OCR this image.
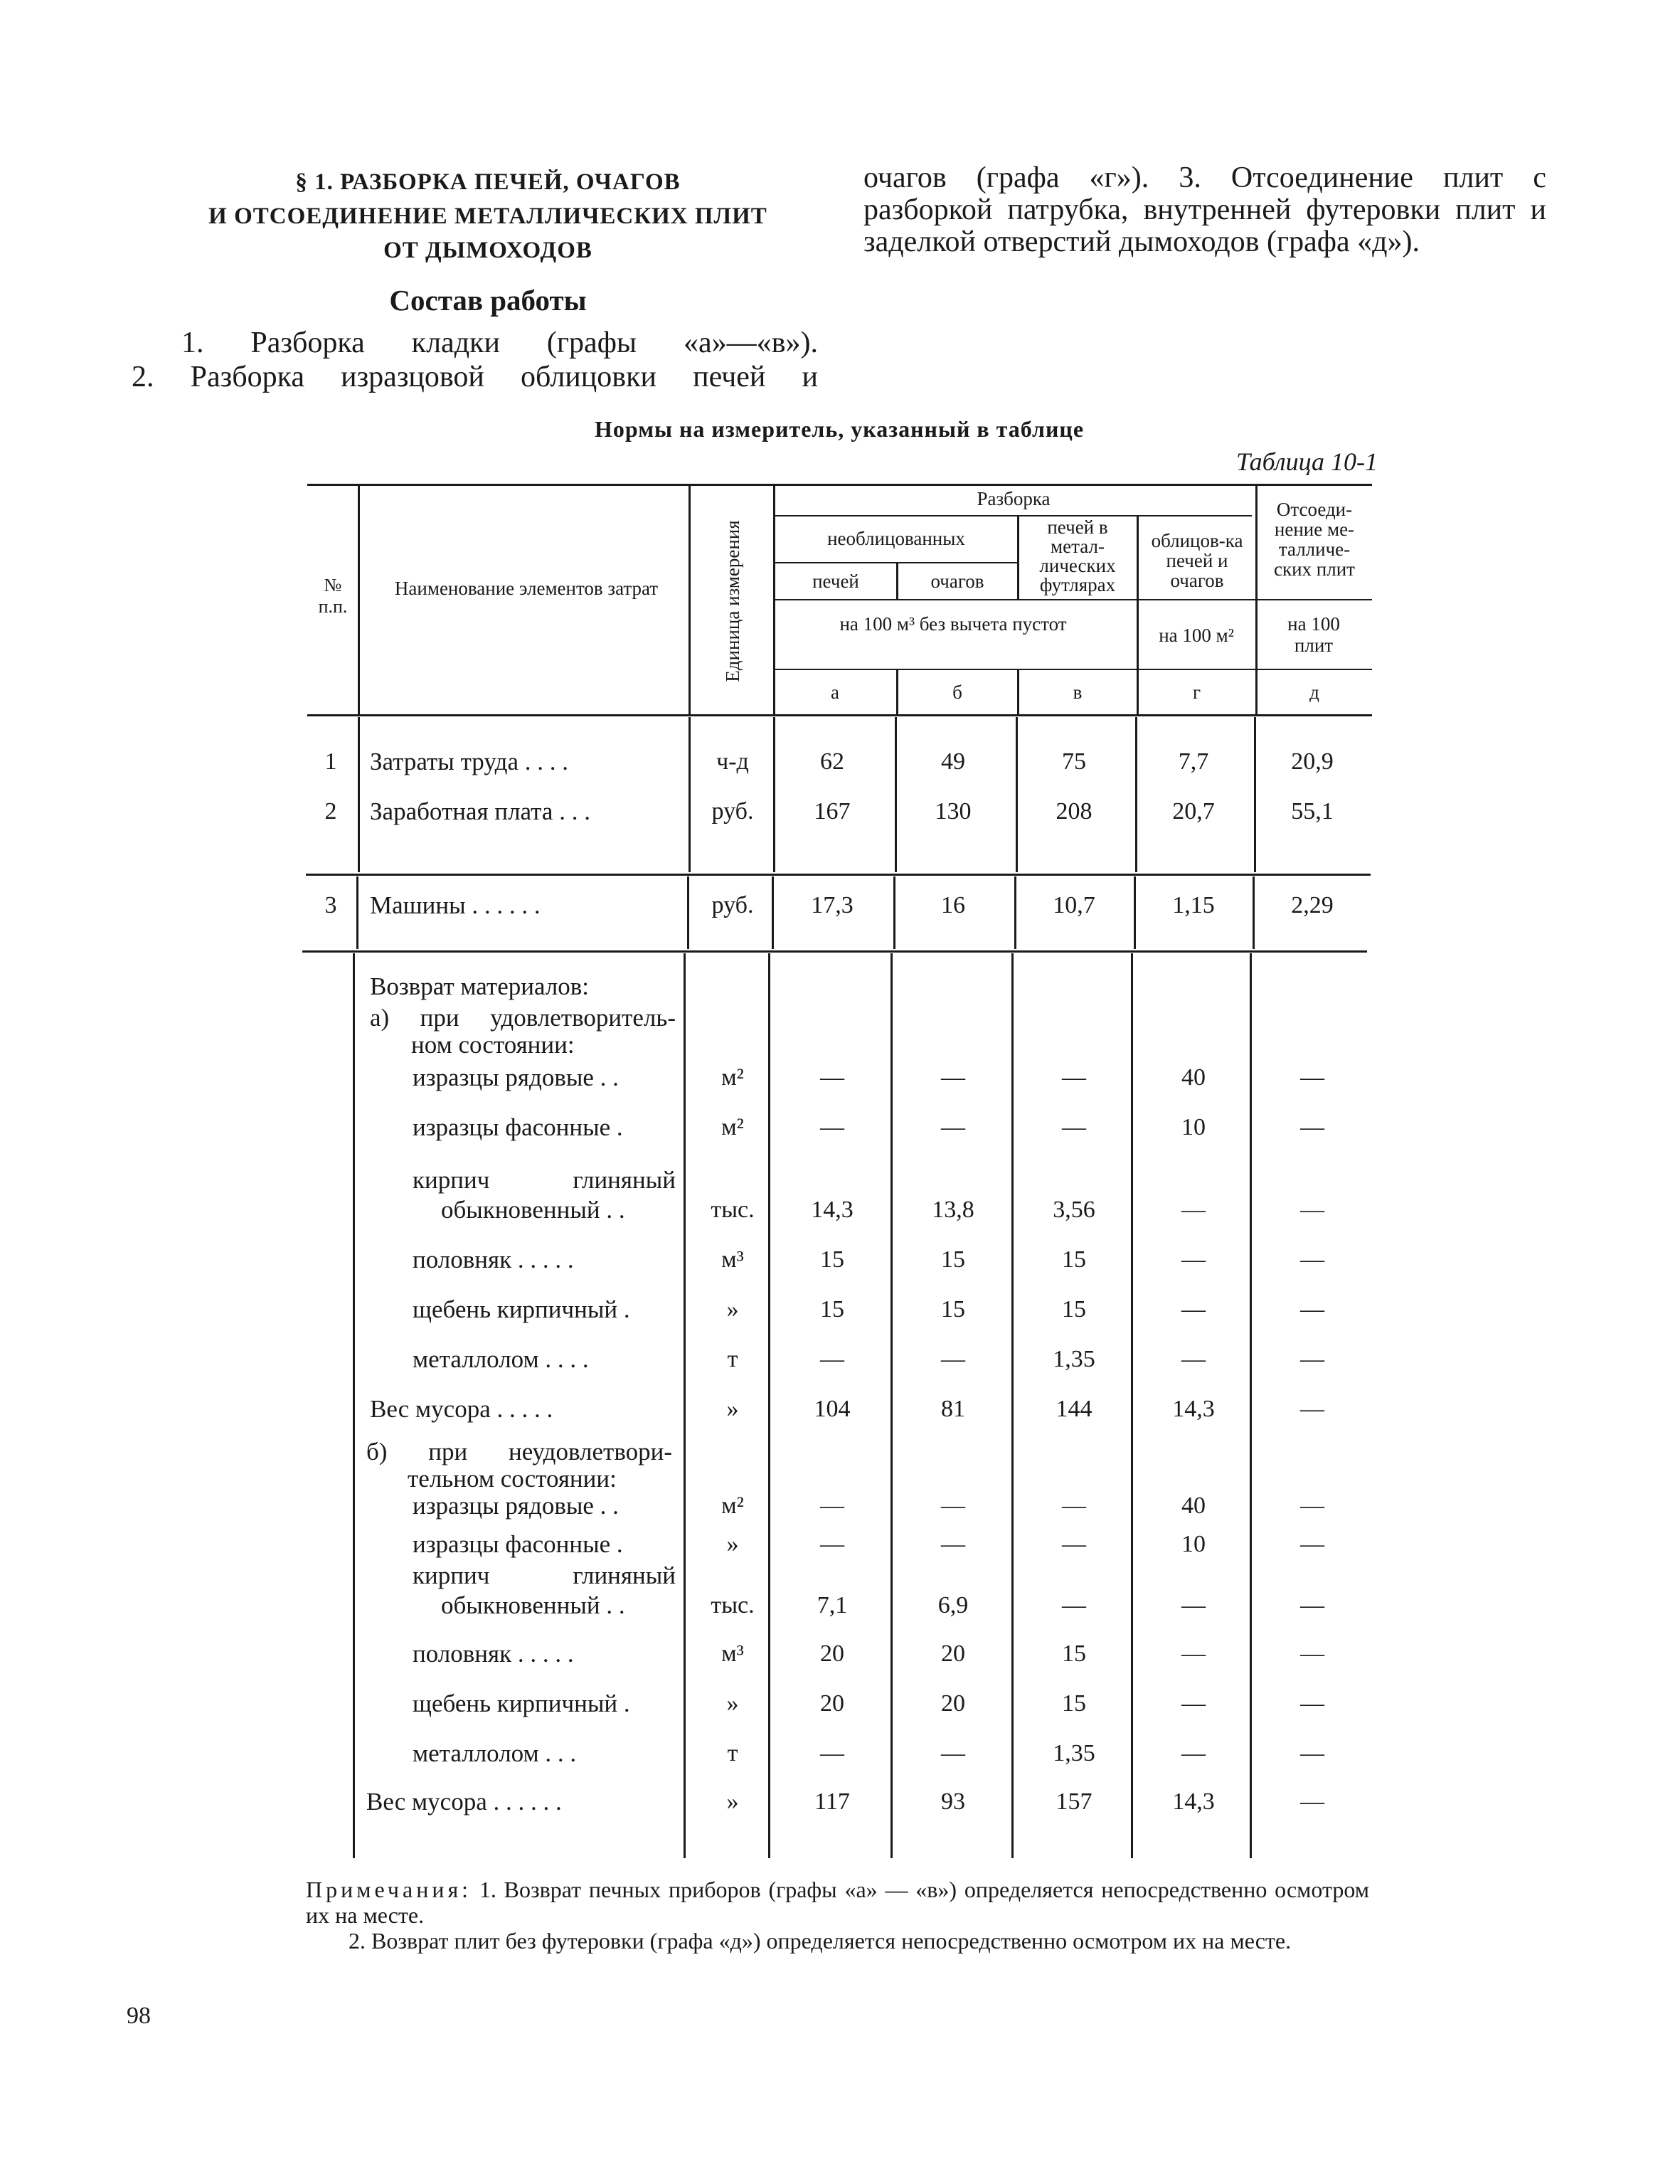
§ 1. РАЗБОРКА ПЕЧЕЙ, ОЧАГОВ
И ОТСОЕДИНЕНИЕ МЕТАЛЛИЧЕСКИХ ПЛИТ
ОТ ДЫМОХОДОВ
Состав работы
1. Разборка кладки (графы «а»—«в»).
2. Разборка изразцовой облицовки печей и
очагов (графа «г»). 3. Отсоединение плит с разборкой патрубка, внутренней футеровки плит и заделкой отверстий дымоходов (графа «д»).
Нормы на измеритель, указанный в таблице
Таблица 10-1
№ п.п.
Наименование элементов затрат	Единица измерения
Разборка
необлицованных
печей	очагов
печей в метал-лических футлярах
облицов-ка печей и очагов
Отсоеди-нение ме-талличе-ских плит
на 100 м³ без вычета пустот
на 100 м²
на 100 плит
а	б	в	г	д
1	Затраты труда . . . .	ч-д	62	49	75	7,7	20,9
2	Заработная плата . . .	руб.	167	130	208	20,7	55,1
3	Машины . . . . . .	руб.	17,3	16	10,7	1,15	2,29
Возврат материалов:
а) при удовлетворитель-
ном состоянии:
изразцы рядовые . .	м²	—	—	—	40	—
изразцы фасонные .	м²	—	—	—	10	—
кирпич глиняный
обыкновенный . .	тыс.	14,3	13,8	3,56	—	—
половняк . . . . .	м³	15	15	15	—	—
щебень кирпичный .	»	15	15	15	—	—
металлолом . . . .	т	—	—	1,35	—	—
Вес мусора . . . . .	»	104	81	144	14,3	—
б) при неудовлетвори-
тельном состоянии:
изразцы рядовые . .	м²	—	—	—	40	—
изразцы фасонные .	»	—	—	—	10	—
кирпич глиняный
обыкновенный . .	тыс.	7,1	6,9	—	—	—
половняк . . . . .	м³	20	20	15	—	—
щебень кирпичный .	»	20	20	15	—	—
металлолом . . .	т	—	—	1,35	—	—
Вес мусора . . . . . .	»	117	93	157	14,3	—
Примечания: 1. Возврат печных приборов (графы «а» — «в») определяется непосредственно осмотром их на месте.
2. Возврат плит без футеровки (графа «д») определяется непосредственно осмотром их на месте.
98
